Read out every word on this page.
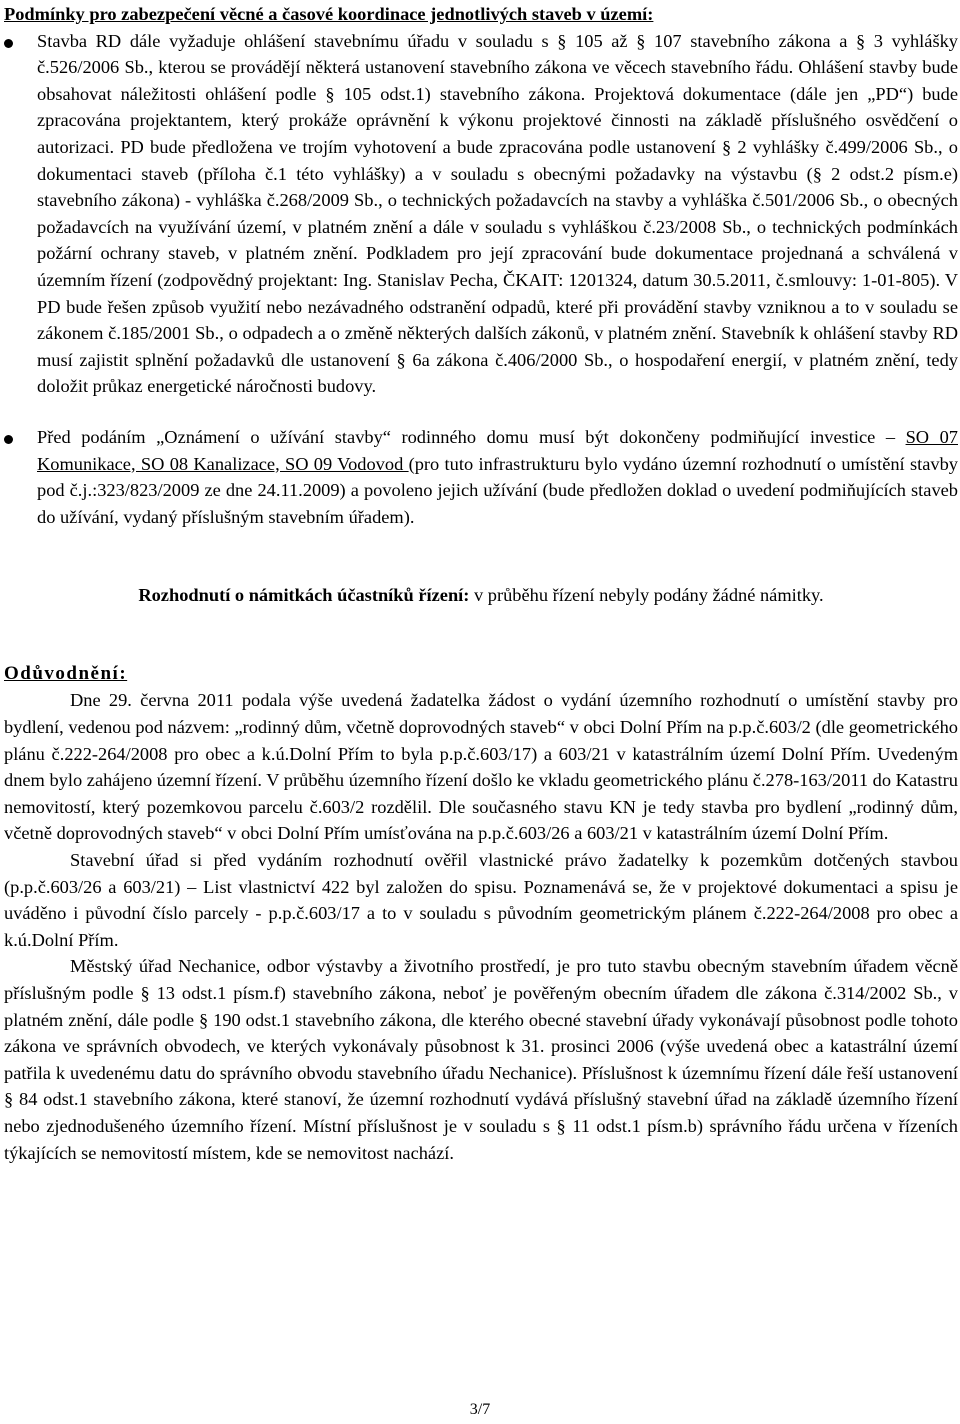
Podmínky pro zabezpečení věcné a časové koordinace jednotlivých staveb v území:

Stavba RD dále vyžaduje ohlášení stavebnímu úřadu v souladu s § 105 až § 107 stavebního zákona a § 3 vyhlášky č.526/2006 Sb., kterou se provádějí některá ustanovení stavebního zákona ve věcech stavebního řádu. Ohlášení stavby bude obsahovat náležitosti ohlášení podle § 105 odst.1) stavebního zákona. Projektová dokumentace (dále jen „PD“) bude zpracována projektantem, který prokáže oprávnění k výkonu projektové činnosti na základě příslušného osvědčení o autorizaci. PD bude předložena ve trojím vyhotovení a bude zpracována podle ustanovení § 2 vyhlášky č.499/2006 Sb., o dokumentaci staveb (příloha č.1 této vyhlášky) a v souladu s obecnými požadavky na výstavbu (§ 2 odst.2 písm.e) stavebního zákona) - vyhláška č.268/2009 Sb., o technických požadavcích na stavby a vyhláška č.501/2006 Sb., o obecných požadavcích na využívání území, v platném znění a dále v souladu s vyhláškou č.23/2008 Sb., o technických podmínkách požární ochrany staveb, v platném znění. Podkladem pro její zpracování bude dokumentace projednaná a schválená v územním řízení (zodpovědný projektant: Ing. Stanislav Pecha, ČKAIT: 1201324, datum 30.5.2011, č.smlouvy: 1-01-805). V PD bude řešen způsob využití nebo nezávadného odstranění odpadů, které při provádění stavby vzniknou a to v souladu se zákonem č.185/2001 Sb., o odpadech a o změně některých dalších zákonů, v platném znění. Stavebník k ohlášení stavby RD musí zajistit splnění požadavků dle ustanovení § 6a zákona č.406/2000 Sb., o hospodaření energií, v platném znění, tedy doložit průkaz energetické náročnosti budovy.
Před podáním „Oznámení o užívání stavby“ rodinného domu musí být dokončeny podmiňující investice – SO 07 Komunikace, SO 08 Kanalizace, SO 09 Vodovod (pro tuto infrastrukturu bylo vydáno územní rozhodnutí o umístění stavby pod č.j.:323/823/2009 ze dne 24.11.2009) a povoleno jejich užívání (bude předložen doklad o uvedení podmiňujících staveb do užívání, vydaný příslušným stavebním úřadem).

Rozhodnutí o námitkách účastníků řízení: v průběhu řízení nebyly podány žádné námitky.

Odůvodnění:

Dne 29. června 2011 podala výše uvedená žadatelka žádost o vydání územního rozhodnutí o umístění stavby pro bydlení, vedenou pod názvem: „rodinný dům, včetně doprovodných staveb“ v obci Dolní Přím na p.p.č.603/2 (dle geometrického plánu č.222-264/2008 pro obec a k.ú.Dolní Přím to byla p.p.č.603/17) a 603/21 v katastrálním území Dolní Přím. Uvedeným dnem bylo zahájeno územní řízení. V průběhu územního řízení došlo ke vkladu geometrického plánu č.278-163/2011 do Katastru nemovitostí, který pozemkovou parcelu č.603/2 rozdělil. Dle současného stavu KN je tedy stavba pro bydlení „rodinný dům, včetně doprovodných staveb“ v obci Dolní Přím umísťována na p.p.č.603/26 a 603/21 v katastrálním území Dolní Přím.

Stavební úřad si před vydáním rozhodnutí ověřil vlastnické právo žadatelky k pozemkům dotčených stavbou (p.p.č.603/26 a 603/21) – List vlastnictví 422 byl založen do spisu. Poznamenává se, že v projektové dokumentaci a spisu je uváděno i původní číslo parcely - p.p.č.603/17 a to v souladu s původním geometrickým plánem č.222-264/2008 pro obec a k.ú.Dolní Přím.

Městský úřad Nechanice, odbor výstavby a životního prostředí, je pro tuto stavbu obecným stavebním úřadem věcně příslušným podle § 13 odst.1 písm.f) stavebního zákona, neboť je pověřeným obecním úřadem dle zákona č.314/2002 Sb., v platném znění, dále podle § 190 odst.1 stavebního zákona, dle kterého obecné stavební úřady vykonávají působnost podle tohoto zákona ve správních obvodech, ve kterých vykonávaly působnost k 31. prosinci 2006 (výše uvedená obec a katastrální území patřila k uvedenému datu do správního obvodu stavebního úřadu Nechanice). Příslušnost k územnímu řízení dále řeší ustanovení § 84 odst.1 stavebního zákona, které stanoví, že územní rozhodnutí vydává příslušný stavební úřad na základě územního řízení nebo zjednodušeného územního řízení. Místní příslušnost je v souladu s § 11 odst.1 písm.b) správního řádu určena v řízeních týkajících se nemovitostí místem, kde se nemovitost nachází.

3/7
